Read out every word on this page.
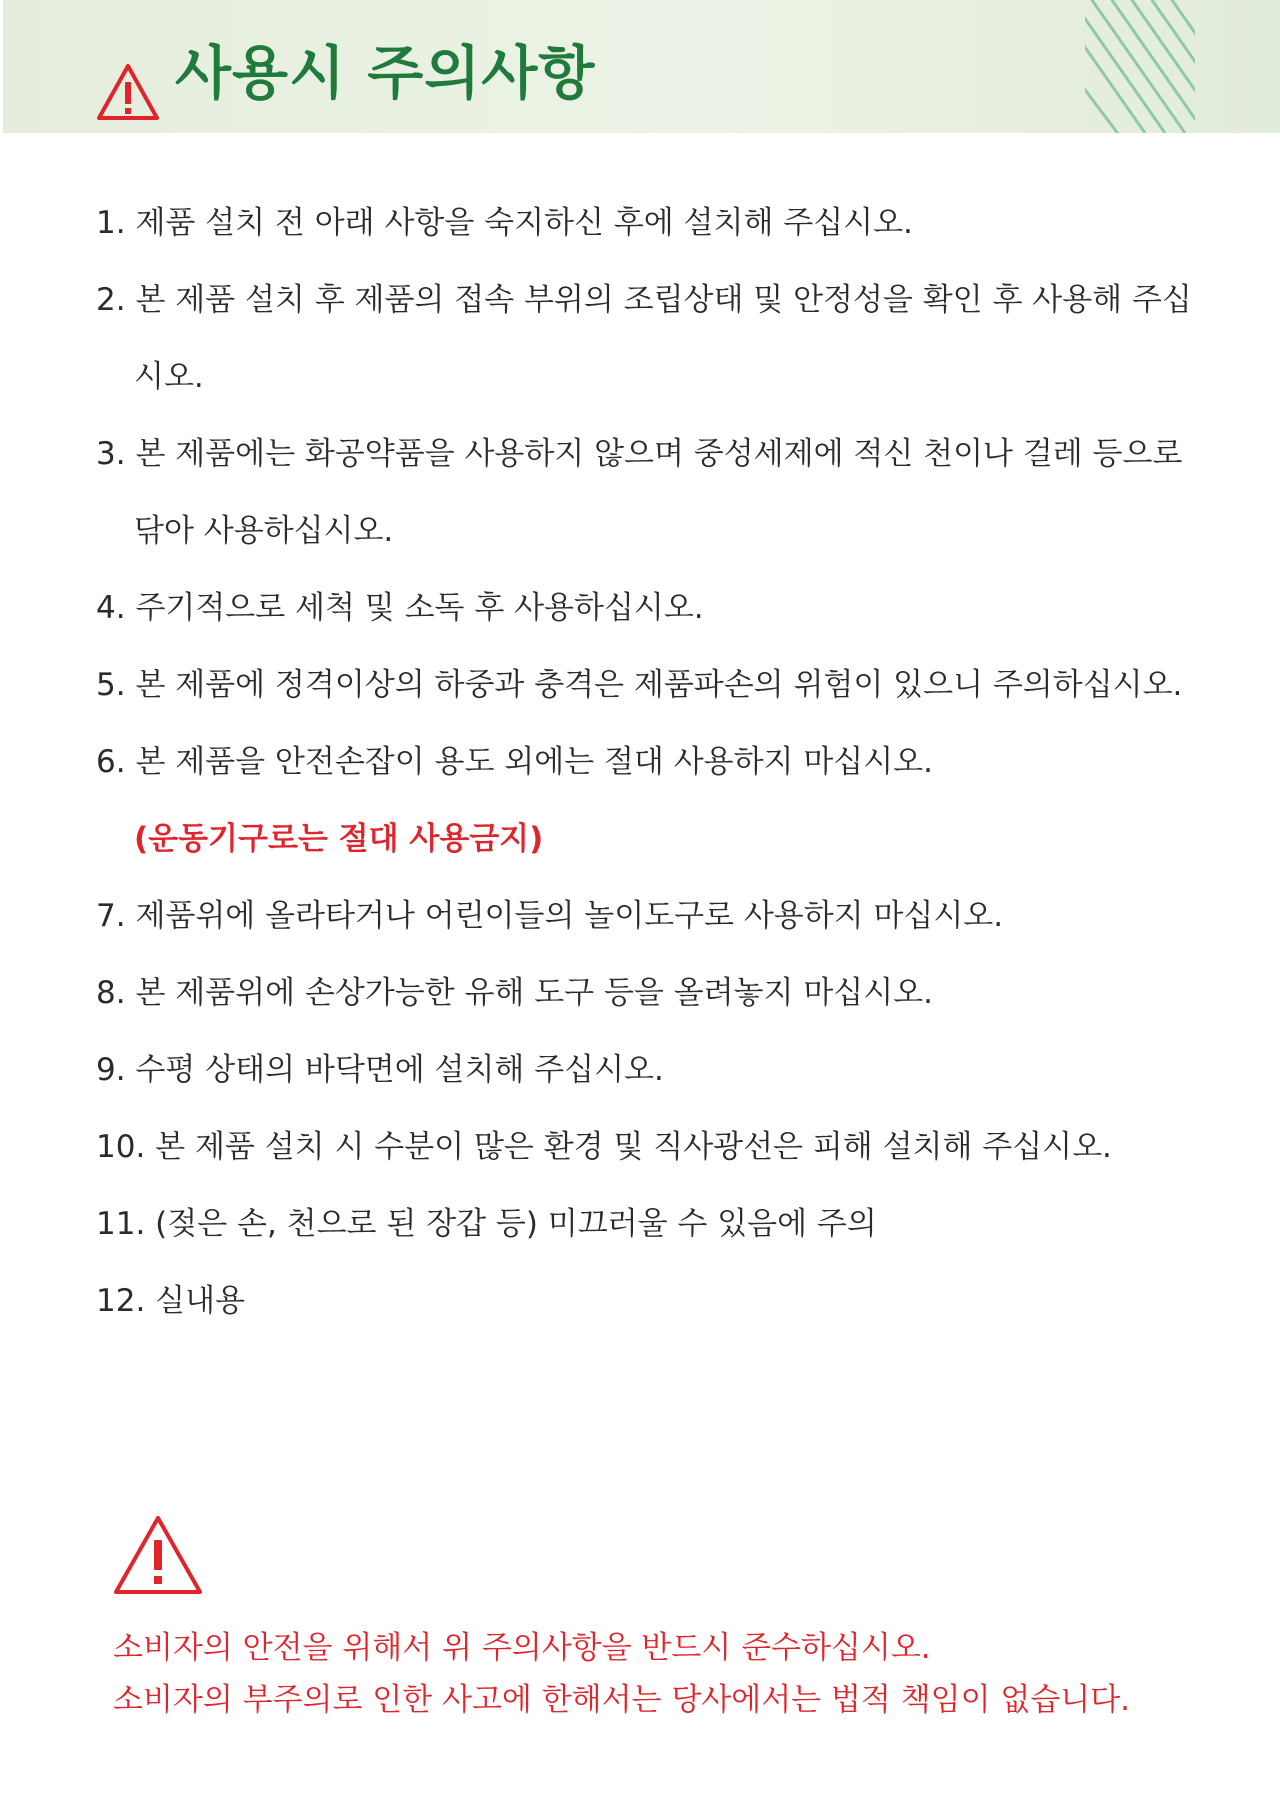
사용시 주의사항
1. 제품 설치 전 아래 사항을 숙지하신 후에 설치해 주십시오.
2. 본 제품 설치 후 제품의 접속 부위의 조립상태 및 안정성을 확인 후 사용해 주십
시오.
3. 본 제품에는 화공약품을 사용하지 않으며 중성세제에 적신 천이나 걸레 등으로
닦아 사용하십시오.
4. 주기적으로 세척 및 소독 후 사용하십시오.
5. 본 제품에 정격이상의 하중과 충격은 제품파손의 위험이 있으니 주의하십시오.
6. 본 제품을 안전손잡이 용도 외에는 절대 사용하지 마십시오.
(운동기구로는 절대 사용금지)
7. 제품위에 올라타거나 어린이들의 놀이도구로 사용하지 마십시오.
8. 본 제품위에 손상가능한 유해 도구 등을 올려놓지 마십시오.
9. 수평 상태의 바닥면에 설치해 주십시오.
10. 본 제품 설치 시 수분이 많은 환경 및 직사광선은 피해 설치해 주십시오.
11. (젖은 손, 천으로 된 장갑 등) 미끄러울 수 있음에 주의
12. 실내용
소비자의 안전을 위해서 위 주의사항을 반드시 준수하십시오.
소비자의 부주의로 인한 사고에 한해서는 당사에서는 법적 책임이 없습니다.
